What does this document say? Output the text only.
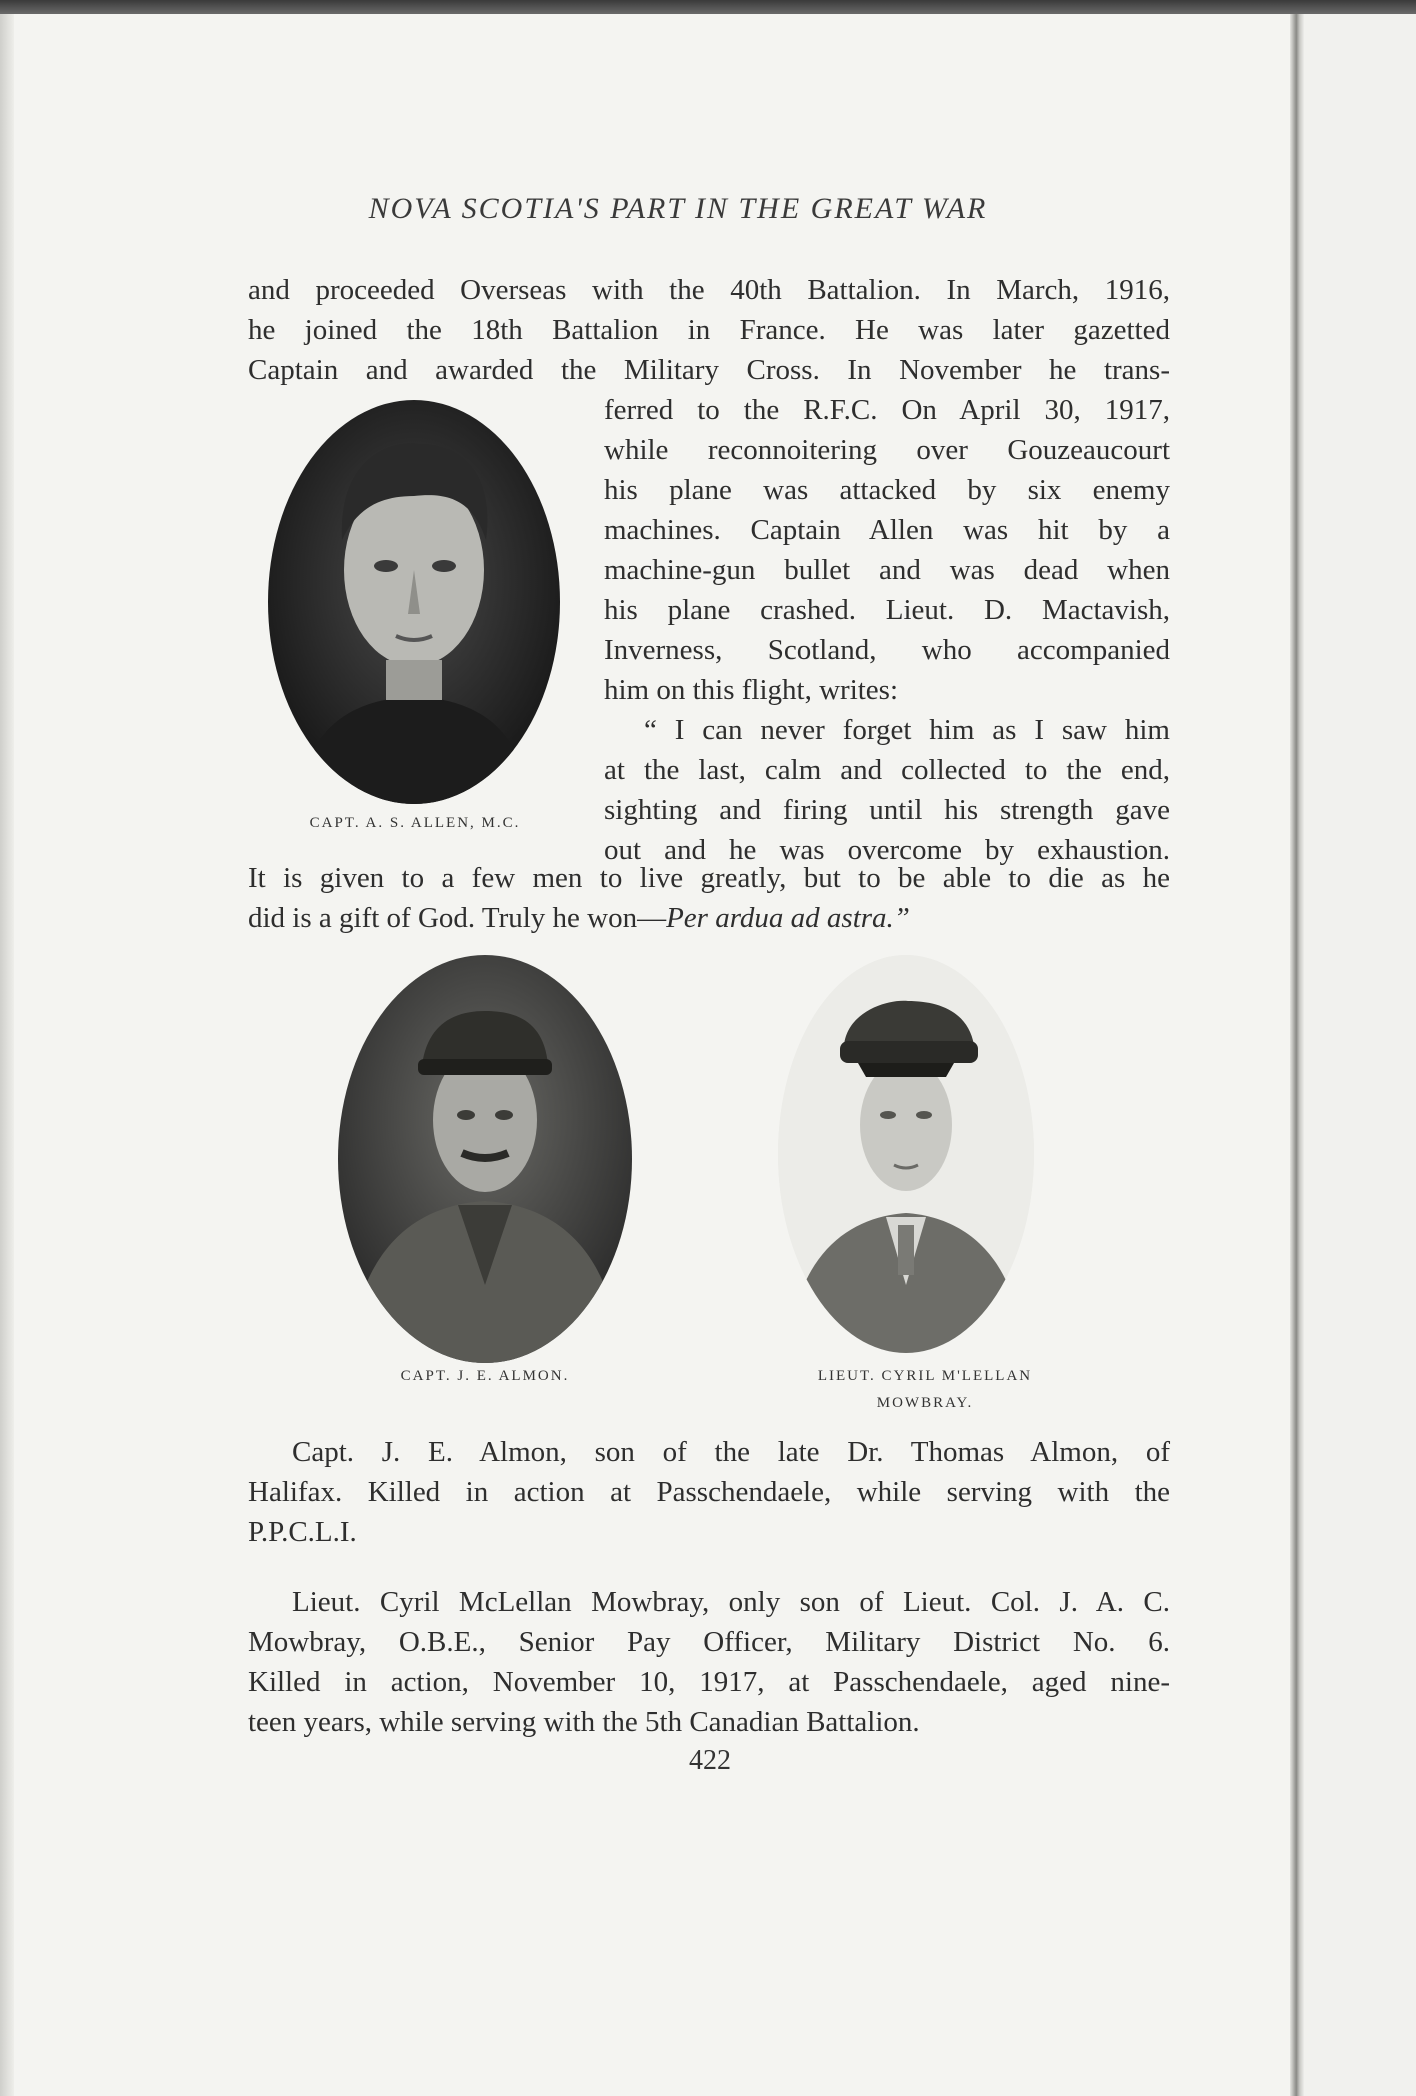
NOVA SCOTIA'S PART IN THE GREAT WAR
and proceeded Overseas with the 40th Battalion. In March, 1916,
he joined the 18th Battalion in France. He was later gazetted
Captain and awarded the Military Cross. In November he trans-
CAPT. A. S. ALLEN, M.C.
ferred to the R.F.C. On April 30, 1917,
while reconnoitering over Gouzeaucourt
his plane was attacked by six enemy
machines. Captain Allen was hit by a
machine-gun bullet and was dead when
his plane crashed. Lieut. D. Mactavish,
Inverness, Scotland, who accompanied
him on this flight, writes:
“ I can never forget him as I saw him
at the last, calm and collected to the end,
sighting and firing until his strength gave
out and he was overcome by exhaustion.
It is given to a few men to live greatly, but to be able to die as he
did is a gift of God. Truly he won—Per ardua ad astra.”
CAPT. J. E. ALMON.	LIEUT. CYRIL M'LELLAN
MOWBRAY.
Capt. J. E. Almon, son of the late Dr. Thomas Almon, of
Halifax. Killed in action at Passchendaele, while serving with the
P.P.C.L.I.
Lieut. Cyril McLellan Mowbray, only son of Lieut. Col. J. A. C.
Mowbray, O.B.E., Senior Pay Officer, Military District No. 6.
Killed in action, November 10, 1917, at Passchendaele, aged nine-
teen years, while serving with the 5th Canadian Battalion.
422
